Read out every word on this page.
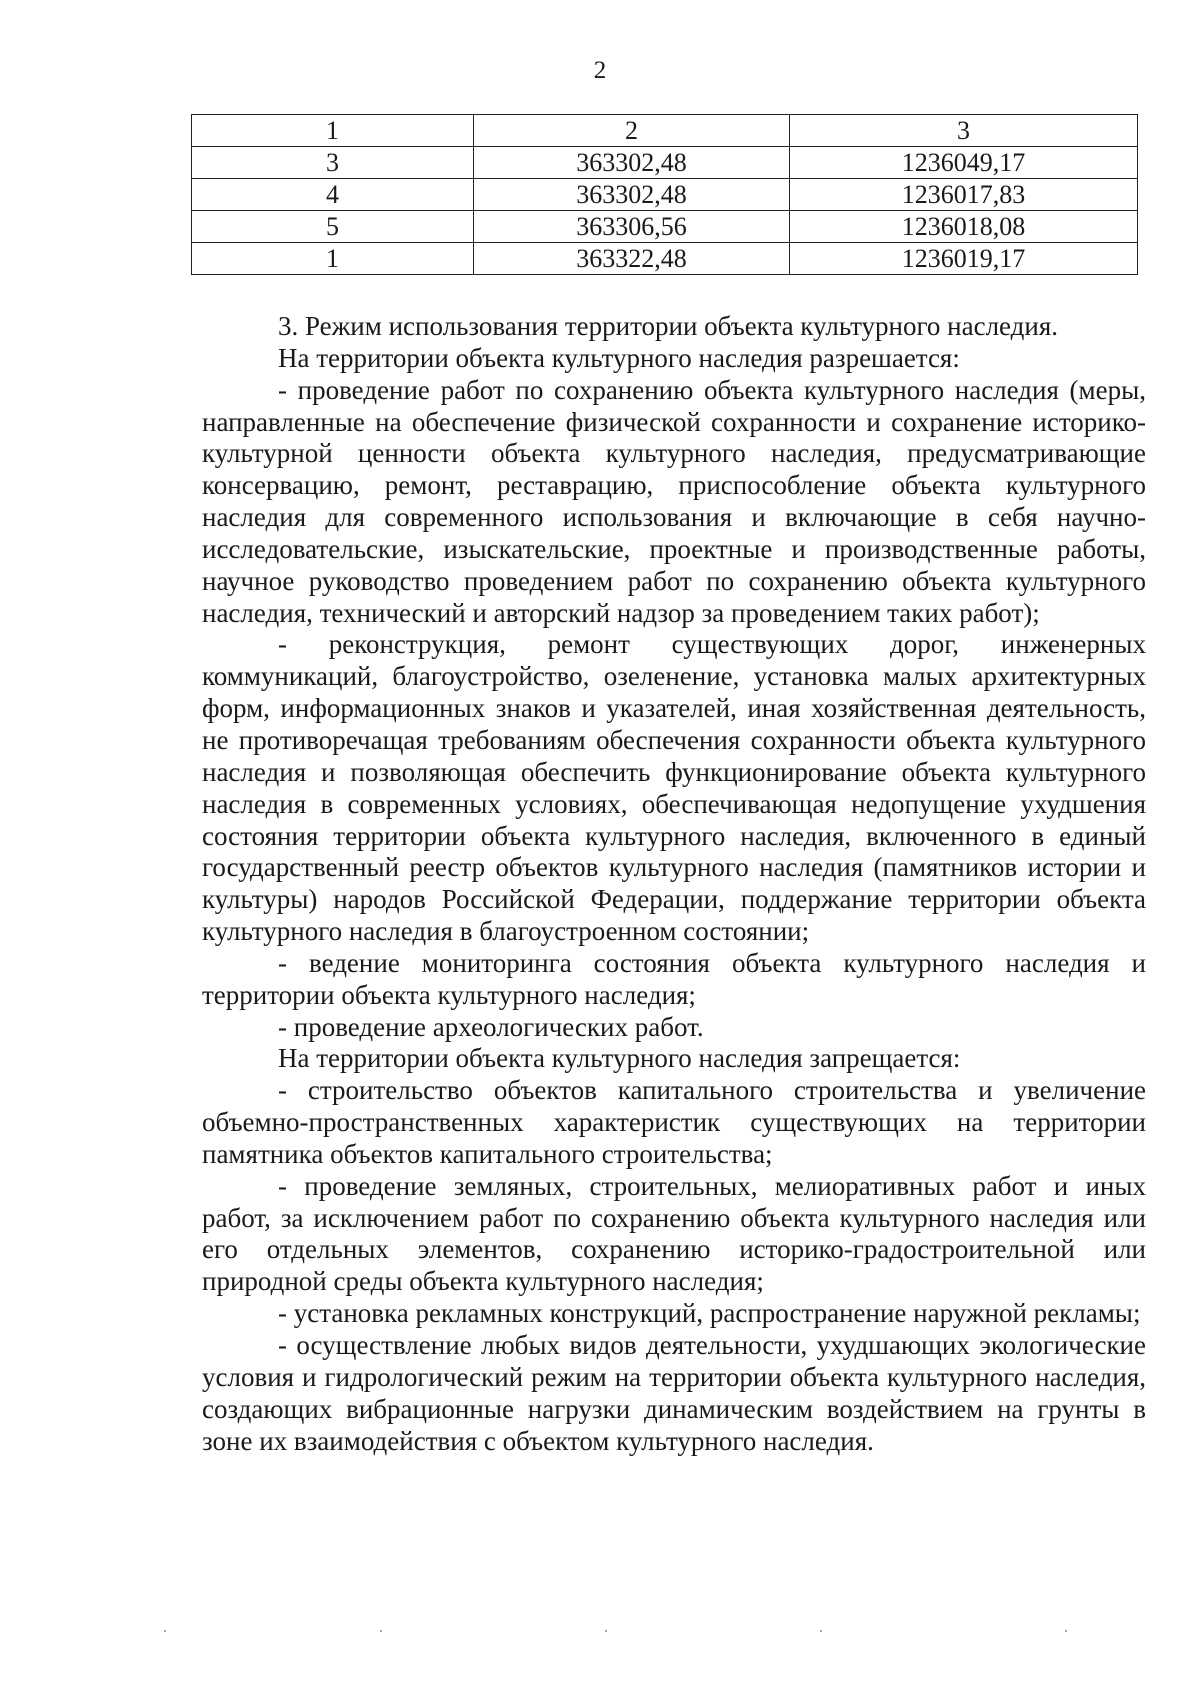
2
1	2	3
3	363302,48	1236049,17
4	363302,48	1236017,83
5	363306,56	1236018,08
1	363322,48	1236019,17

3. Режим использования территории объекта культурного наследия.

На территории объекта культурного наследия разрешается:

- проведение работ по сохранению объекта культурного наследия (меры, направленные на обеспечение физической сохранности и сохранение историко-культурной ценности объекта культурного наследия, предусматривающие консервацию, ремонт, реставрацию, приспособление объекта культурного наследия для современного использования и включающие в себя научно-исследовательские, изыскательские, проектные и производственные работы, научное руководство проведением работ по сохранению объекта культурного наследия, технический и авторский надзор за проведением таких работ);

- реконструкция, ремонт существующих дорог, инженерных коммуникаций, благоустройство, озеленение, установка малых архитектурных форм, информационных знаков и указателей, иная хозяйственная деятельность, не противоречащая требованиям обеспечения сохранности объекта культурного наследия и позволяющая обеспечить функционирование объекта культурного наследия в современных условиях, обеспечивающая недопущение ухудшения состояния территории объекта культурного наследия, включенного в единый государственный реестр объектов культурного наследия (памятников истории и культуры) народов Российской Федерации, поддержание территории объекта культурного наследия в благоустроенном состоянии;

- ведение мониторинга состояния объекта культурного наследия и территории объекта культурного наследия;

- проведение археологических работ.

На территории объекта культурного наследия запрещается:

- строительство объектов капитального строительства и увеличение объемно-пространственных характеристик существующих на территории памятника объектов капитального строительства;

- проведение земляных, строительных, мелиоративных работ и иных работ, за исключением работ по сохранению объекта культурного наследия или его отдельных элементов, сохранению историко-градостроительной или природной среды объекта культурного наследия;

- установка рекламных конструкций, распространение наружной рекламы;

- осуществление любых видов деятельности, ухудшающих экологические условия и гидрологический режим на территории объекта культурного наследия, создающих вибрационные нагрузки динамическим воздействием на грунты в зоне их взаимодействия с объектом культурного наследия.
